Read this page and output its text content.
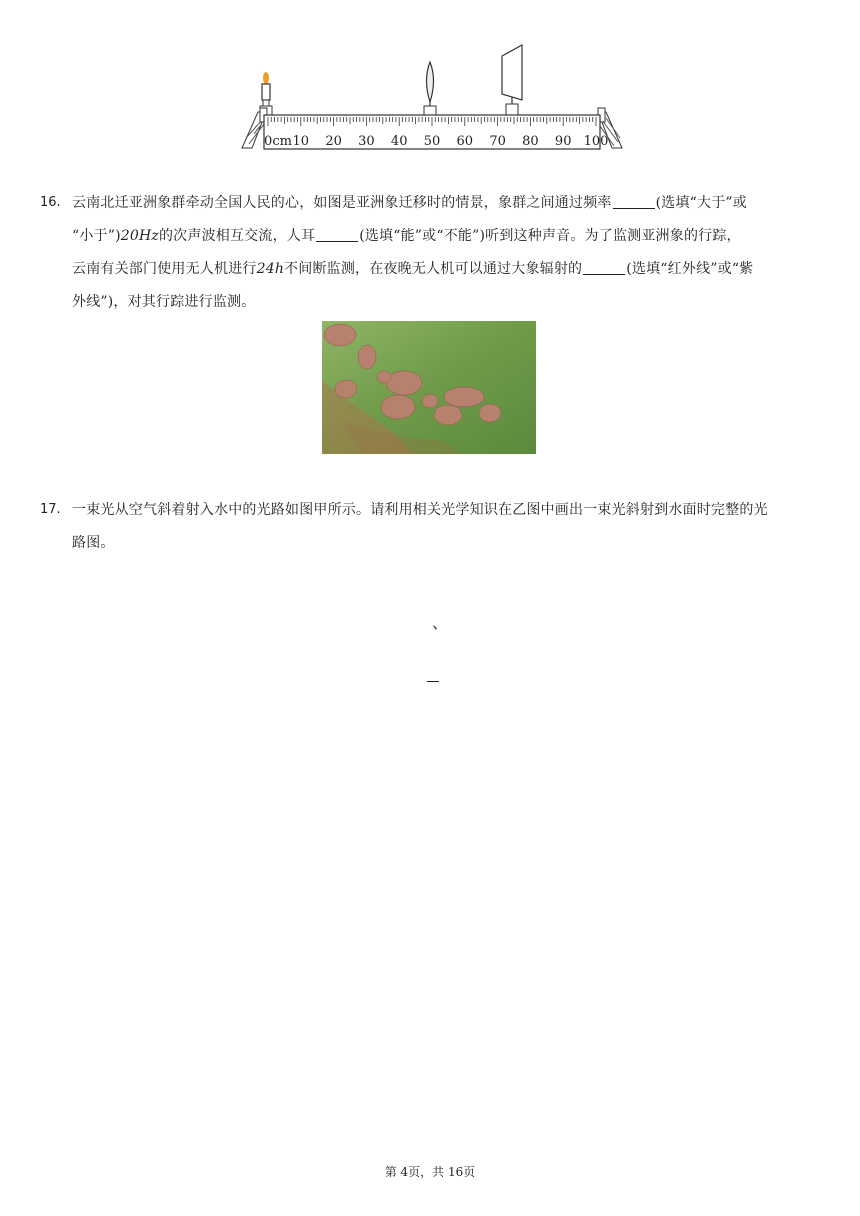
0cm 10 20 30 40 50 60 70 80 90 100
16. 云南北迁亚洲象群牵动全国人民的心，如图是亚洲象迁移时的情景，象群之间通过频率	(选填“大于”或
“小于”)20Hz的次声波相互交流，人耳	(选填“能”或“不能”)听到这种声音。为了监测亚洲象的行踪，
云南有关部门使用无人机进行24h不间断监测，在夜晚无人机可以通过大象辐射的	(选填“红外线”或“紫
外线”)，对其行踪进行监测。
17. 一束光从空气斜着射入水中的光路如图甲所示。请利用相关光学知识在乙图中画出一束光斜射到水面时完整的光
路图。
、
第 4页，共 16页
